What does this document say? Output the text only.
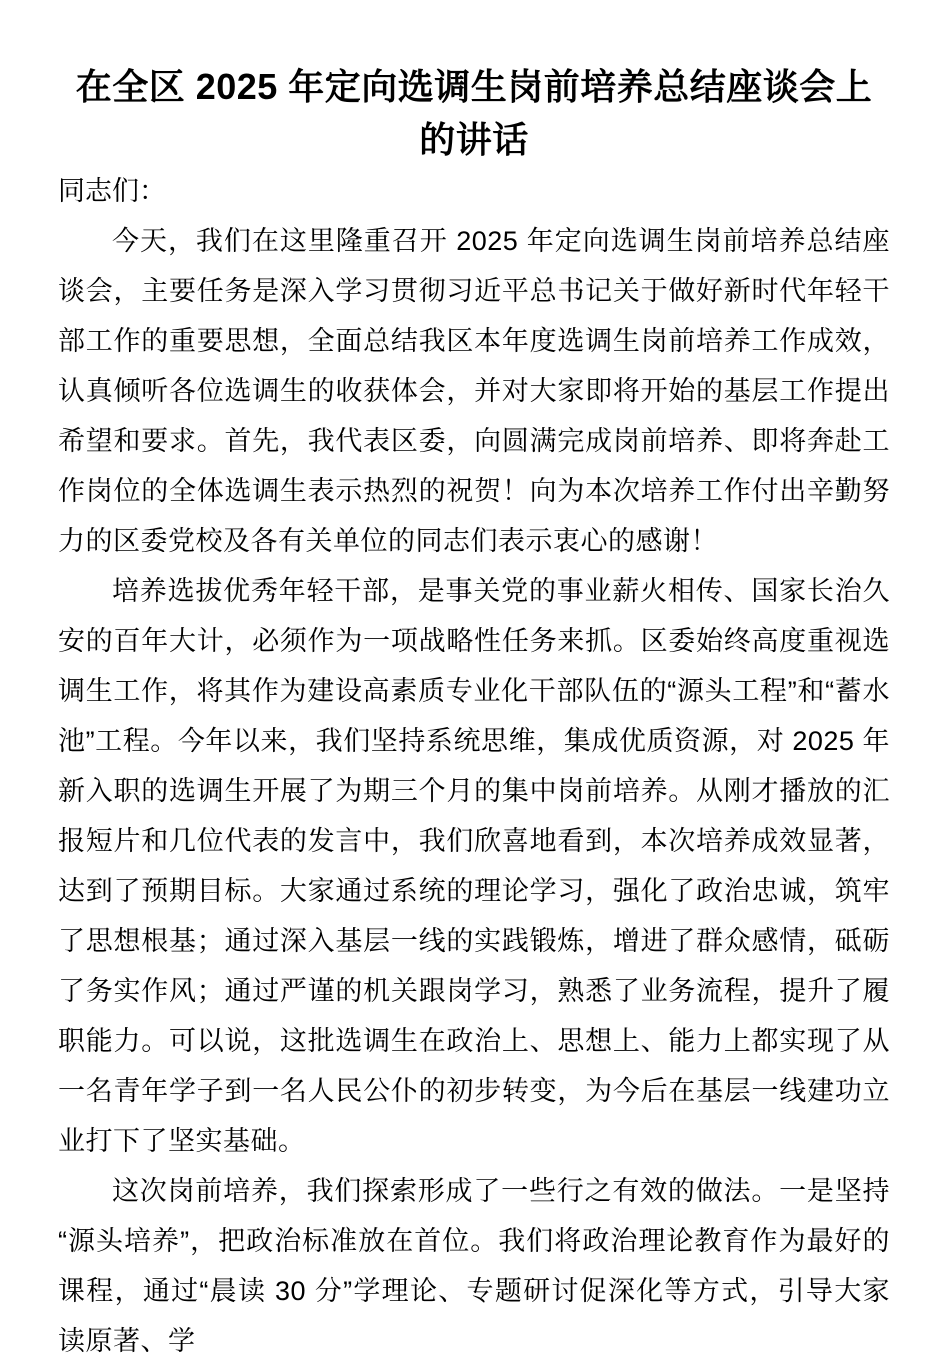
在全区 2025 年定向选调生岗前培养总结座谈会上的讲话

同志们：

今天，我们在这里隆重召开 2025 年定向选调生岗前培养总结座谈会，主要任务是深入学习贯彻习近平总书记关于做好新时代年轻干部工作的重要思想，全面总结我区本年度选调生岗前培养工作成效，认真倾听各位选调生的收获体会，并对大家即将开始的基层工作提出希望和要求。首先，我代表区委，向圆满完成岗前培养、即将奔赴工作岗位的全体选调生表示热烈的祝贺！向为本次培养工作付出辛勤努力的区委党校及各有关单位的同志们表示衷心的感谢！

培养选拔优秀年轻干部，是事关党的事业薪火相传、国家长治久安的百年大计，必须作为一项战略性任务来抓。区委始终高度重视选调生工作，将其作为建设高素质专业化干部队伍的“源头工程”和“蓄水池”工程。今年以来，我们坚持系统思维，集成优质资源，对 2025 年新入职的选调生开展了为期三个月的集中岗前培养。从刚才播放的汇报短片和几位代表的发言中，我们欣喜地看到，本次培养成效显著，达到了预期目标。大家通过系统的理论学习，强化了政治忠诚，筑牢了思想根基；通过深入基层一线的实践锻炼，增进了群众感情，砥砺了务实作风；通过严谨的机关跟岗学习，熟悉了业务流程，提升了履职能力。可以说，这批选调生在政治上、思想上、能力上都实现了从一名青年学子到一名人民公仆的初步转变，为今后在基层一线建功立业打下了坚实基础。

这次岗前培养，我们探索形成了一些行之有效的做法。一是坚持“源头培养”，把政治标准放在首位。我们将政治理论教育作为最好的课程，通过“晨读 30 分”学理论、专题研讨促深化等方式，引导大家读原著、学
